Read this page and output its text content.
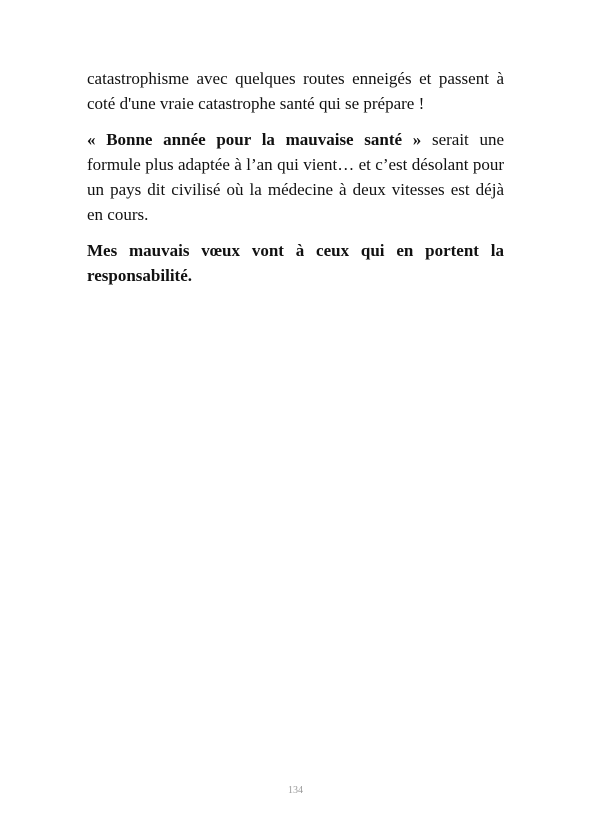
catastrophisme avec quelques routes enneigés et passent à coté d'une vraie catastrophe santé qui se prépare !

« Bonne année pour la mauvaise santé » serait une formule plus adaptée à l’an qui vient… et c’est désolant pour un pays dit civilisé où la médecine à deux vitesses est déjà en cours.

Mes mauvais vœux vont à ceux qui en portent la responsabilité.

134
